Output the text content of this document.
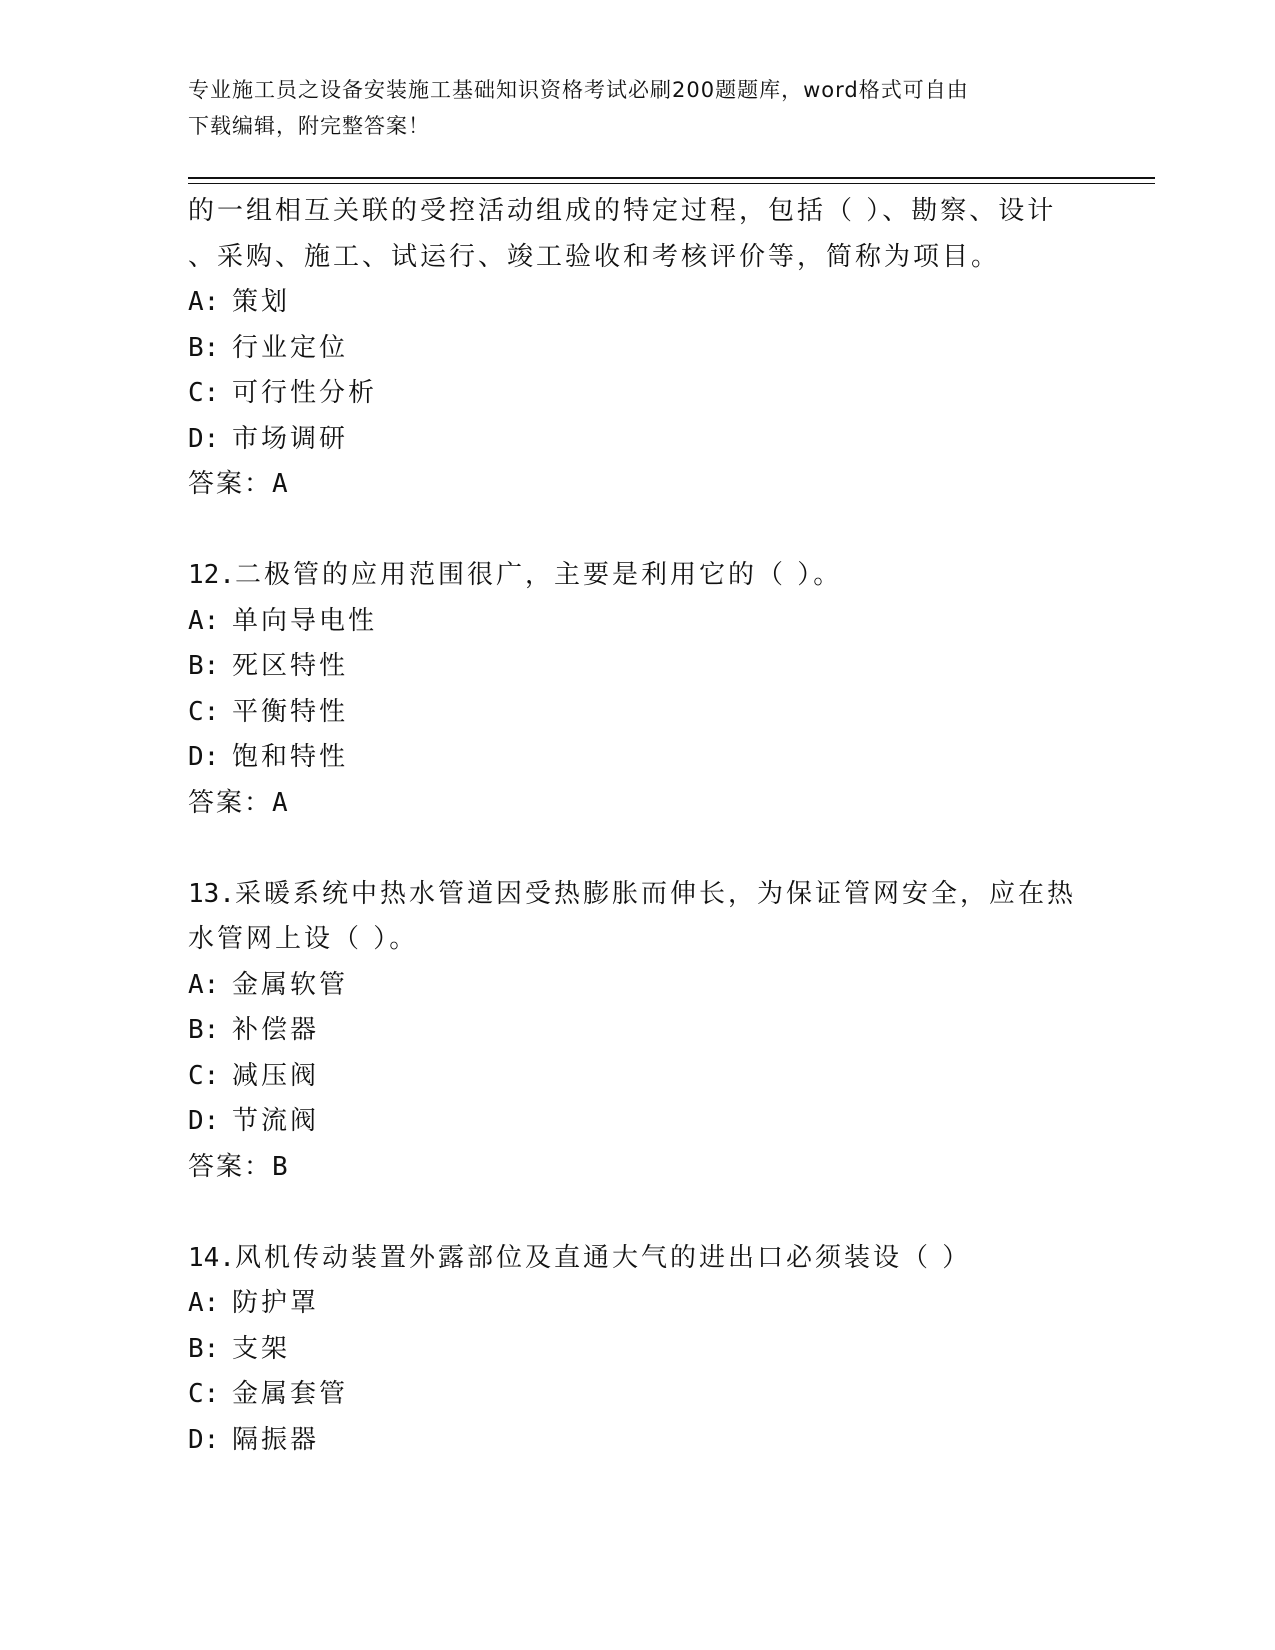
专业施工员之设备安装施工基础知识资格考试必刷200题题库，word格式可自由
下载编辑，附完整答案！
的一组相互关联的受控活动组成的特定过程，包括（ ）、勘察、设计
、采购、施工、试运行、竣工验收和考核评价等，简称为项目。
A: 策划
B: 行业定位
C: 可行性分析
D: 市场调研
答案：A
12.二极管的应用范围很广，主要是利用它的（ ）。
A: 单向导电性
B: 死区特性
C: 平衡特性
D: 饱和特性
答案：A
13.采暖系统中热水管道因受热膨胀而伸长，为保证管网安全，应在热
水管网上设（ ）。
A: 金属软管
B: 补偿器
C: 减压阀
D: 节流阀
答案：B
14.风机传动装置外露部位及直通大气的进出口必须装设（ ）
A: 防护罩
B: 支架
C: 金属套管
D: 隔振器
